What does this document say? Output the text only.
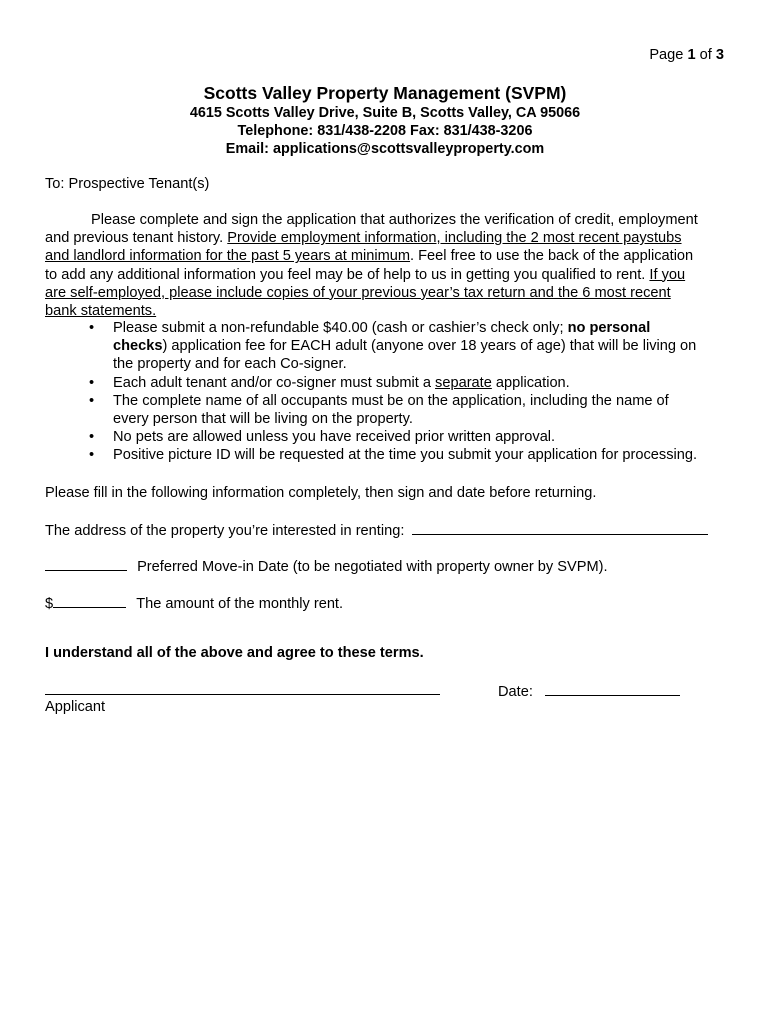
Page 1 of 3
Scotts Valley Property Management (SVPM)
4615 Scotts Valley Drive, Suite B, Scotts Valley, CA 95066
Telephone: 831/438-2208 Fax: 831/438-3206
Email: applications@scottsvalleyproperty.com
To: Prospective Tenant(s)
Please complete and sign the application that authorizes the verification of credit, employment
and previous tenant history. Provide employment information, including the 2 most recent paystubs
and landlord information for the past 5 years at minimum. Feel free to use the back of the application
to add any additional information you feel may be of help to us in getting you qualified to rent. If you
are self-employed, please include copies of your previous year’s tax return and the 6 most recent
bank statements.
• Please submit a non-refundable $40.00 (cash or cashier’s check only; no personal
checks) application fee for EACH adult (anyone over 18 years of age) that will be living on
the property and for each Co-signer.
• Each adult tenant and/or co-signer must submit a separate application.
• The complete name of all occupants must be on the application, including the name of
every person that will be living on the property.
• No pets are allowed unless you have received prior written approval.
• Positive picture ID will be requested at the time you submit your application for processing.
Please fill in the following information completely, then sign and date before returning.
The address of the property you’re interested in renting:
Preferred Move-in Date (to be negotiated with property owner by SVPM).
$	The amount of the monthly rent.
I understand all of the above and agree to these terms.
Applicant
Date:
